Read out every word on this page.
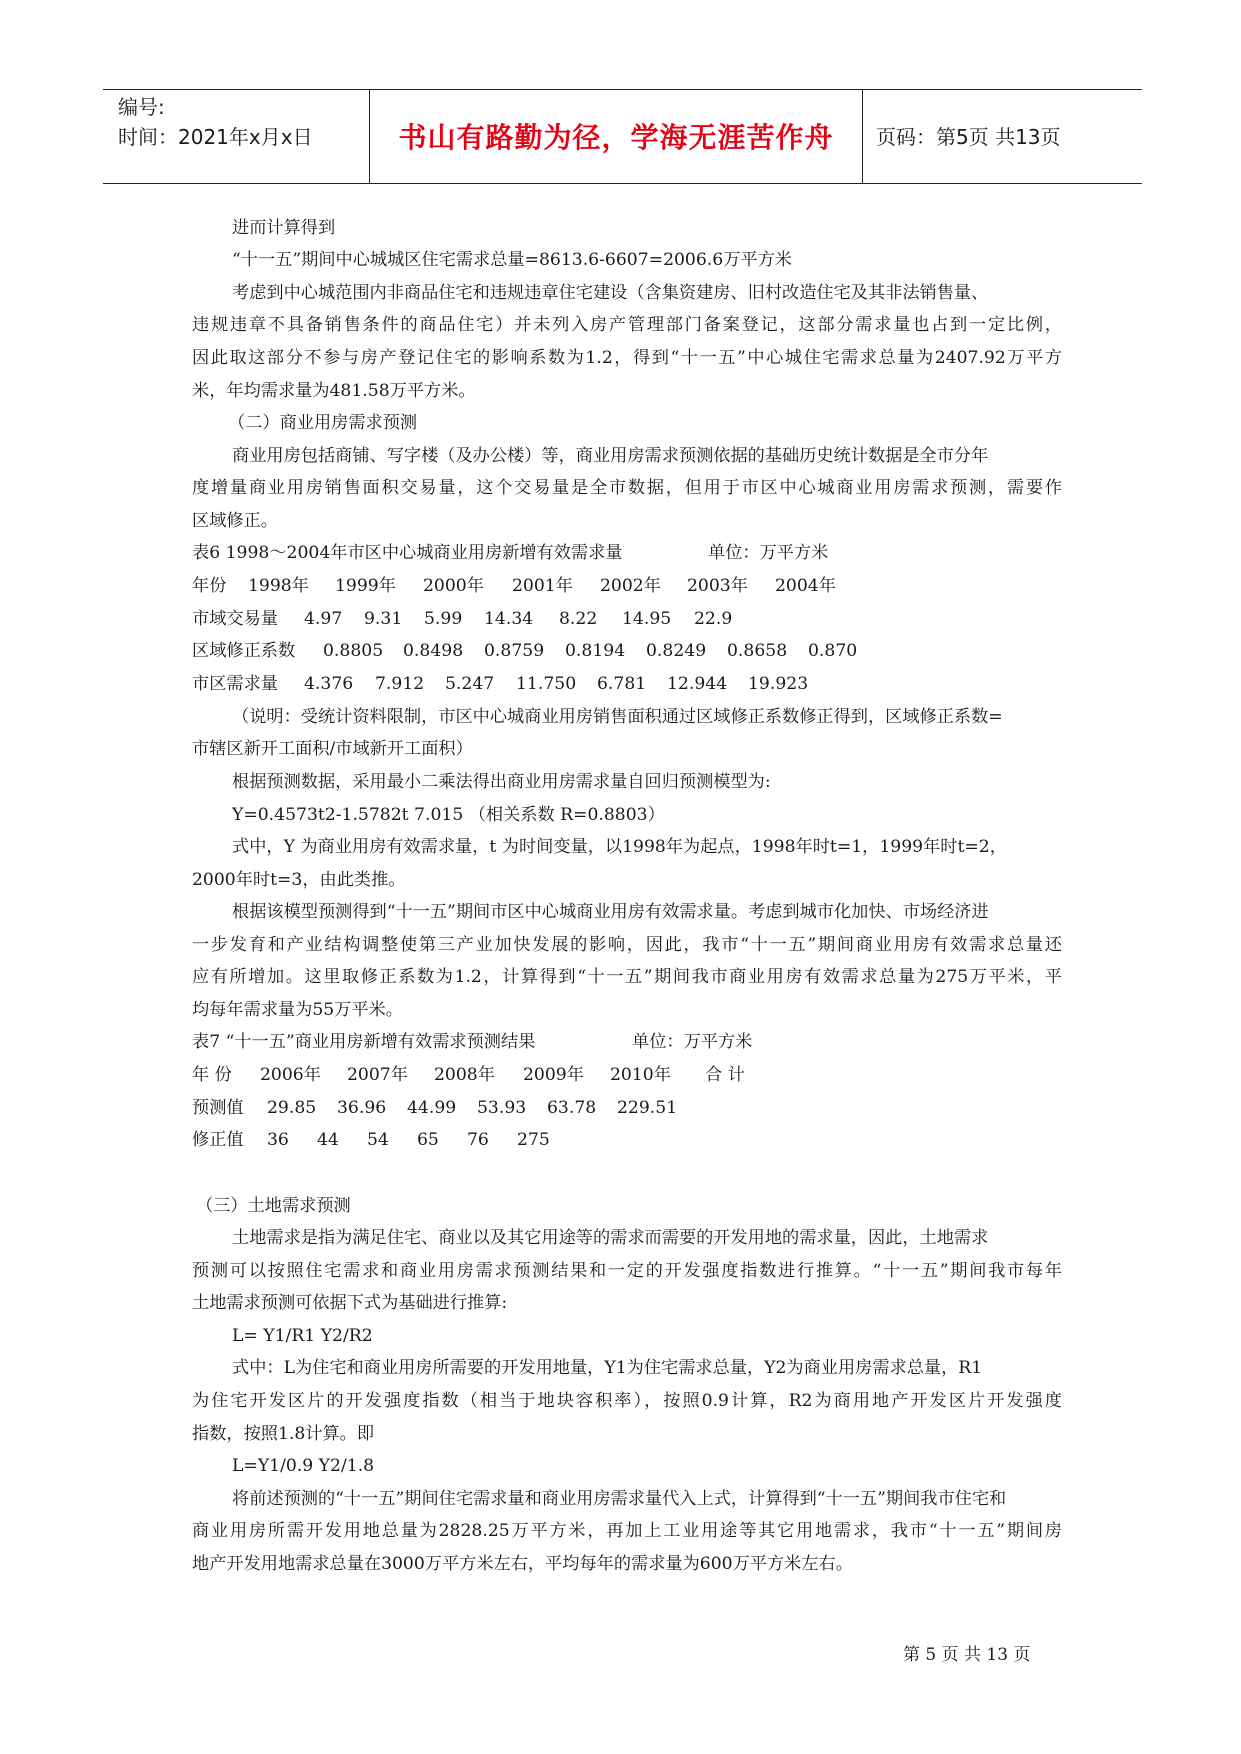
编号:
时间：2021年x月x日	书山有路勤为径，学海无涯苦作舟	页码：第5页 共13页
进而计算得到
“十一五”期间中心城城区住宅需求总量=8613.6-6607=2006.6万平方米
考虑到中心城范围内非商品住宅和违规违章住宅建设（含集资建房、旧村改造住宅及其非法销售量、
违规违章不具备销售条件的商品住宅）并未列入房产管理部门备案登记，这部分需求量也占到一定比例，
因此取这部分不参与房产登记住宅的影响系数为1.2，得到“十一五”中心城住宅需求总量为2407.92万平方
米，年均需求量为481.58万平方米。
（二）商业用房需求预测
商业用房包括商铺、写字楼（及办公楼）等，商业用房需求预测依据的基础历史统计数据是全市分年
度增量商业用房销售面积交易量，这个交易量是全市数据，但用于市区中心城商业用房需求预测，需要作
区域修正。
表6 1998～2004年市区中心城商业用房新增有效需求量	单位：万平方米
年份 1998年 1999年 2000年 2001年 2002年 2003年 2004年
市域交易量 4.97 9.31 5.99 14.34 8.22 14.95 22.9
区域修正系数 0.8805 0.8498 0.8759 0.8194 0.8249 0.8658 0.870
市区需求量 4.376 7.912 5.247 11.750 6.781 12.944 19.923
（说明：受统计资料限制，市区中心城商业用房销售面积通过区域修正系数修正得到，区域修正系数=
市辖区新开工面积/市域新开工面积）
根据预测数据，采用最小二乘法得出商业用房需求量自回归预测模型为:
Y=0.4573t2-1.5782t 7.015 （相关系数 R=0.8803）
式中，Y 为商业用房有效需求量，t 为时间变量，以1998年为起点，1998年时t=1，1999年时t=2，
2000年时t=3，由此类推。
根据该模型预测得到“十一五”期间市区中心城商业用房有效需求量。考虑到城市化加快、市场经济进
一步发育和产业结构调整使第三产业加快发展的影响，因此，我市“十一五”期间商业用房有效需求总量还
应有所增加。这里取修正系数为1.2，计算得到“十一五”期间我市商业用房有效需求总量为275万平米，平
均每年需求量为55万平米。
表7 “十一五”商业用房新增有效需求预测结果	单位：万平方米
年 份 2006年 2007年 2008年 2009年 2010年 合 计
预测值 29.85 36.96 44.99 53.93 63.78 229.51
修正值 36 44 54 65 76 275
（三）土地需求预测
土地需求是指为满足住宅、商业以及其它用途等的需求而需要的开发用地的需求量，因此，土地需求
预测可以按照住宅需求和商业用房需求预测结果和一定的开发强度指数进行推算。“十一五”期间我市每年
土地需求预测可依据下式为基础进行推算:
L= Y1/R1 Y2/R2
式中：L为住宅和商业用房所需要的开发用地量，Y1为住宅需求总量，Y2为商业用房需求总量，R1
为住宅开发区片的开发强度指数（相当于地块容积率），按照0.9计算，R2为商用地产开发区片开发强度
指数，按照1.8计算。即
L=Y1/0.9 Y2/1.8
将前述预测的“十一五”期间住宅需求量和商业用房需求量代入上式，计算得到“十一五”期间我市住宅和
商业用房所需开发用地总量为2828.25万平方米，再加上工业用途等其它用地需求，我市“十一五”期间房
地产开发用地需求总量在3000万平方米左右，平均每年的需求量为600万平方米左右。
第 5 页 共 13 页
